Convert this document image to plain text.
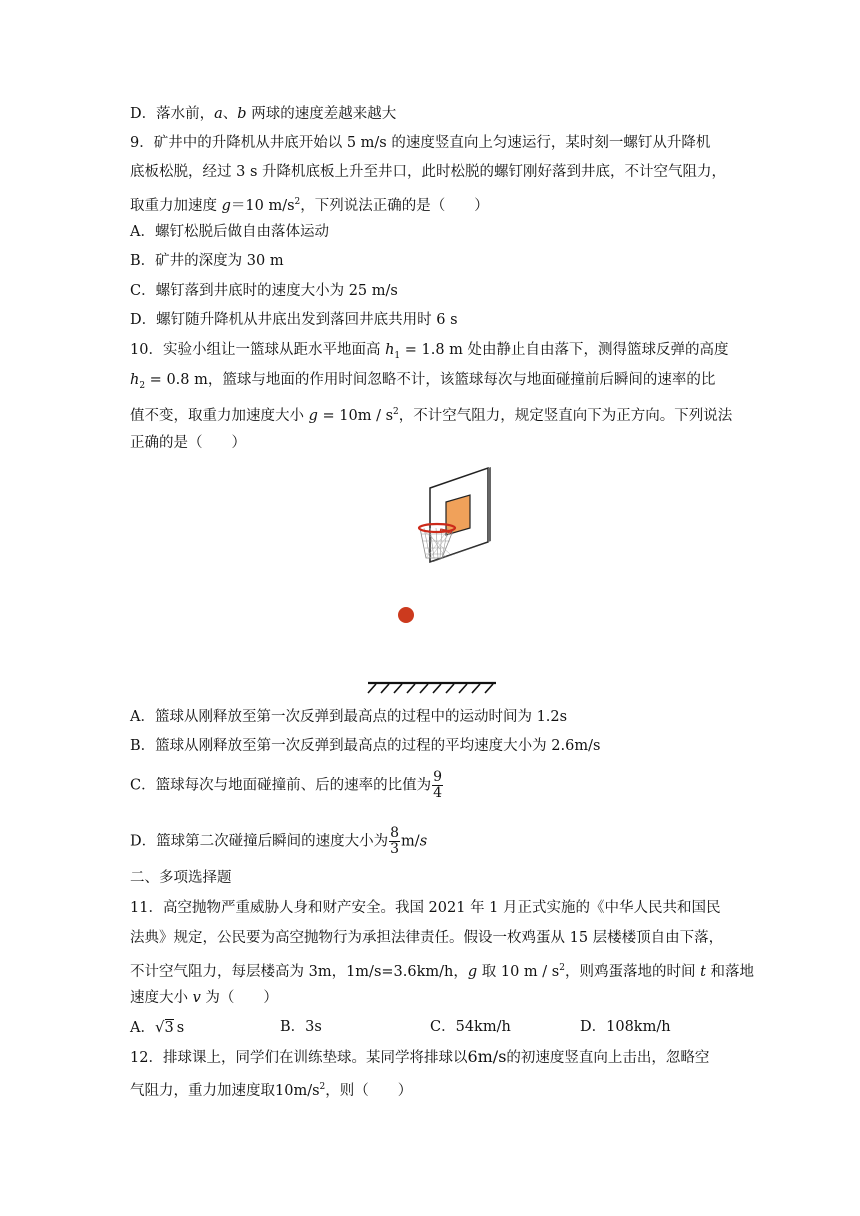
D．落水前，a、b 两球的速度差越来越大
9．矿井中的升降机从井底开始以 5 m/s 的速度竖直向上匀速运行，某时刻一螺钉从升降机
底板松脱，经过 3 s 升降机底板上升至井口，此时松脱的螺钉刚好落到井底，不计空气阻力，
取重力加速度 g＝10 $m/s^2$，下列说法正确的是（　　）
A．螺钉松脱后做自由落体运动
B．矿井的深度为 30 m
C．螺钉落到井底时的速度大小为 25 m/s
D．螺钉随升降机从井底出发到落回井底共用时 6 s
10．实验小组让一篮球从距水平地面高 $h_1 = 1.8$ m 处由静止自由落下，测得篮球反弹的高度
$h_2 = 0.8$ m，篮球与地面的作用时间忽略不计，该篮球每次与地面碰撞前后瞬间的速率的比
值不变，取重力加速度大小 $g = 10m / s^2$，不计空气阻力，规定竖直向下为正方向。下列说法
正确的是（　　）
A．篮球从刚释放至第一次反弹到最高点的过程中的运动时间为 1.2s
B．篮球从刚释放至第一次反弹到最高点的过程的平均速度大小为 2.6m/s
C．篮球每次与地面碰撞前、后的速率的比值为 $\frac{9}{4}$
D．篮球第二次碰撞后瞬间的速度大小为 $\frac{8}{3} m/s$
二、多项选择题
11．高空抛物严重威胁人身和财产安全。我国 2021 年 1 月正式实施的《中华人民共和国民
法典》规定，公民要为高空抛物行为承担法律责任。假设一枚鸡蛋从 15 层楼楼顶自由下落，
不计空气阻力，每层楼高为 3m，1m/s=3.6km/h，g 取 10 m / $s^2$，则鸡蛋落地的时间 t 和落地
速度大小 v 为（　　）
A．√3 s	B．3s	C．54km/h	D．108km/h
12．排球课上，同学们在训练垫球。某同学将排球以6m/s的初速度竖直向上击出，忽略空
气阻力，重力加速度取$10m/s^2$，则（　　）
